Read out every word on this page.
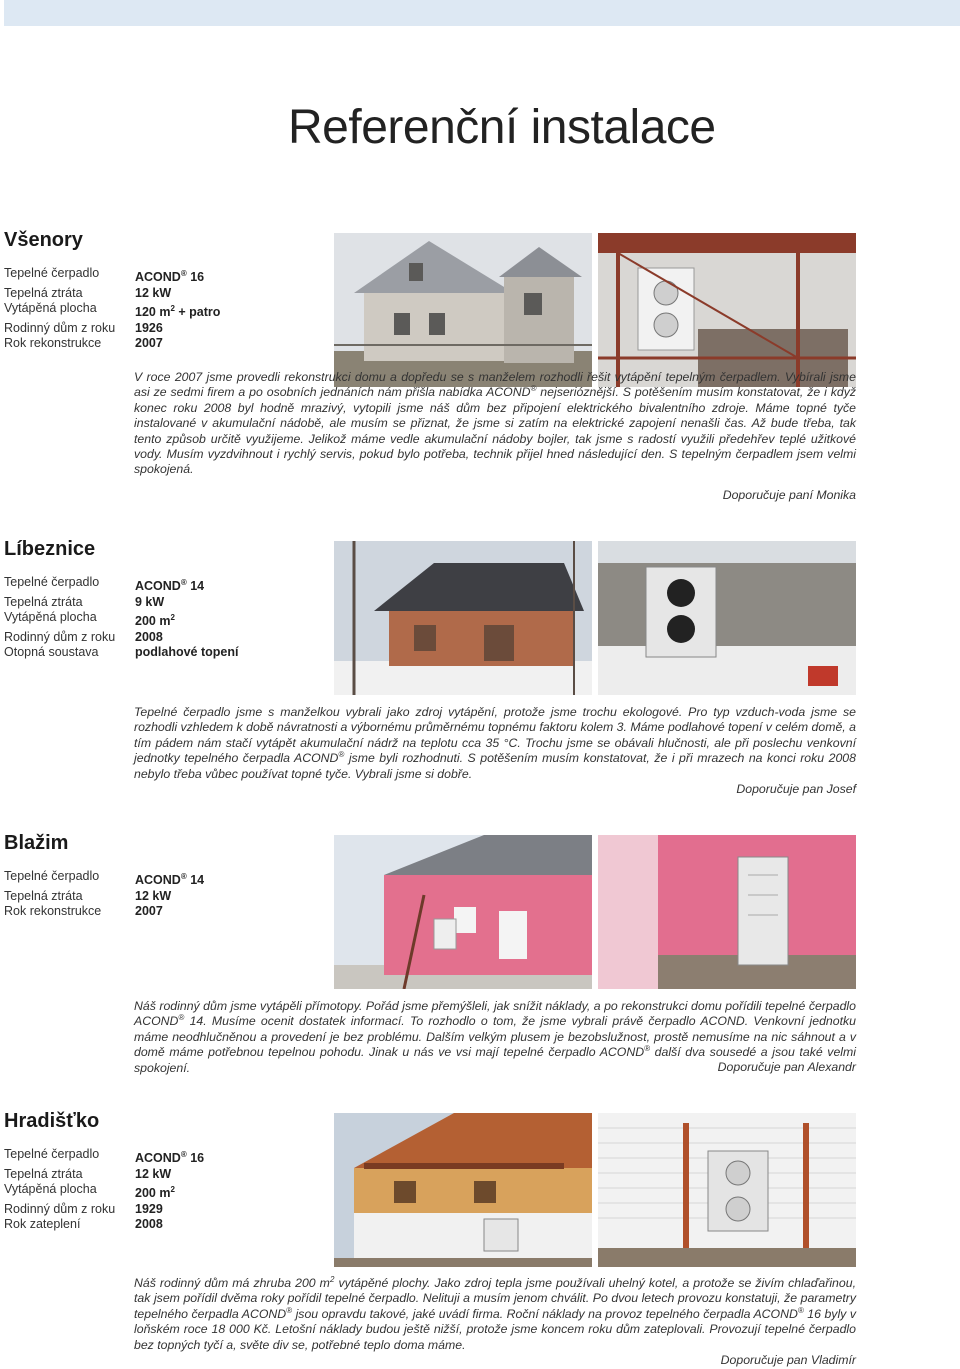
Referenční instalace
Všenory
Tepelné čerpadlo	ACOND® 16
Tepelná ztráta	12 kW
Vytápěná plocha	120 $m^2$ + patro
Rodinný dům z roku	1926
Rok rekonstrukce	2007

V roce 2007 jsme provedli rekonstrukci domu a dopředu se s manželem rozhodli řešit vytápění tepelným čerpadlem. Vybírali jsme asi ze sedmi firem a po osobních jednáních nám přišla nabídka ACOND® nejserióznější. S potěšením musím konstatovat, že i když konec roku 2008 byl hodně mrazivý, vytopili jsme náš dům bez připojení elektrického bivalentního zdroje. Máme topné tyče instalované v akumulační nádobě, ale musím se přiznat, že jsme si zatím na elektrické zapojení nenašli čas. Až bude třeba, tak tento způsob určitě využijeme. Jelikož máme vedle akumulační nádoby bojler, tak jsme s radostí využili předehřev teplé užitkové vody. Musím vyzdvihnout i rychlý servis, pokud bylo potřeba, technik přijel hned následující den. S tepelným čerpadlem jsem velmi spokojená.

Doporučuje paní Monika
Líbeznice
Tepelné čerpadlo	ACOND® 14
Tepelná ztráta	9 kW
Vytápěná plocha	200 $m^2$
Rodinný dům z roku	2008
Otopná soustava	podlahové topení

Tepelné čerpadlo jsme s manželkou vybrali jako zdroj vytápění, protože jsme trochu ekologové. Pro typ vzduch-voda jsme se rozhodli vzhledem k době návratnosti a výbornému průměrnému topnému faktoru kolem 3. Máme podlahové topení v celém domě, a tím pádem nám stačí vytápět akumulační nádrž na teplotu cca 35 °C. Trochu jsme se obávali hlučnosti, ale při poslechu venkovní jednotky tepelného čerpadla ACOND® jsme byli rozhodnuti. S potěšením musím konstatovat, že i při mrazech na konci roku 2008 nebylo třeba vůbec používat topné tyče. Vybrali jsme si dobře.

Doporučuje pan Josef
Blažim
Tepelné čerpadlo	ACOND® 14
Tepelná ztráta	12 kW
Rok rekonstrukce	2007

Náš rodinný dům jsme vytápěli přímotopy. Pořád jsme přemýšleli, jak snížit náklady, a po rekonstrukci domu pořídili tepelné čerpadlo ACOND® 14. Musíme ocenit dostatek informací. To rozhodlo o tom, že jsme vybrali právě čerpadlo ACOND. Venkovní jednotku máme neodhlučněnou a provedení je bez problému. Dalším velkým plusem je bezobslužnost, prostě nemusíme na nic sáhnout a v domě máme potřebnou tepelnou pohodu. Jinak u nás ve vsi mají tepelné čerpadlo ACOND® další dva sousedé a jsou také velmi spokojení.	Doporučuje pan Alexandr
Hradišťko
Tepelné čerpadlo	ACOND® 16
Tepelná ztráta	12 kW
Vytápěná plocha	200 $m^2$
Rodinný dům z roku	1929
Rok zateplení	2008

Náš rodinný dům má zhruba 200 $m^2$ vytápěné plochy. Jako zdroj tepla jsme používali uhelný kotel, a protože se živím chlaďařinou, tak jsem pořídil dvěma roky pořídil tepelné čerpadlo. Nelituji a musím jenom chválit. Po dvou letech provozu konstatuji, že parametry tepelného čerpadla ACOND® jsou opravdu takové, jaké uvádí firma. Roční náklady na provoz tepelného čerpadla ACOND® 16 byly v loňském roce 18 000 Kč. Letošní náklady budou ještě nižší, protože jsme koncem roku dům zateplovali. Provozují tepelné čerpadlo bez topných tyčí a, světe div se, potřebné teplo doma máme.

Doporučuje pan Vladimír
